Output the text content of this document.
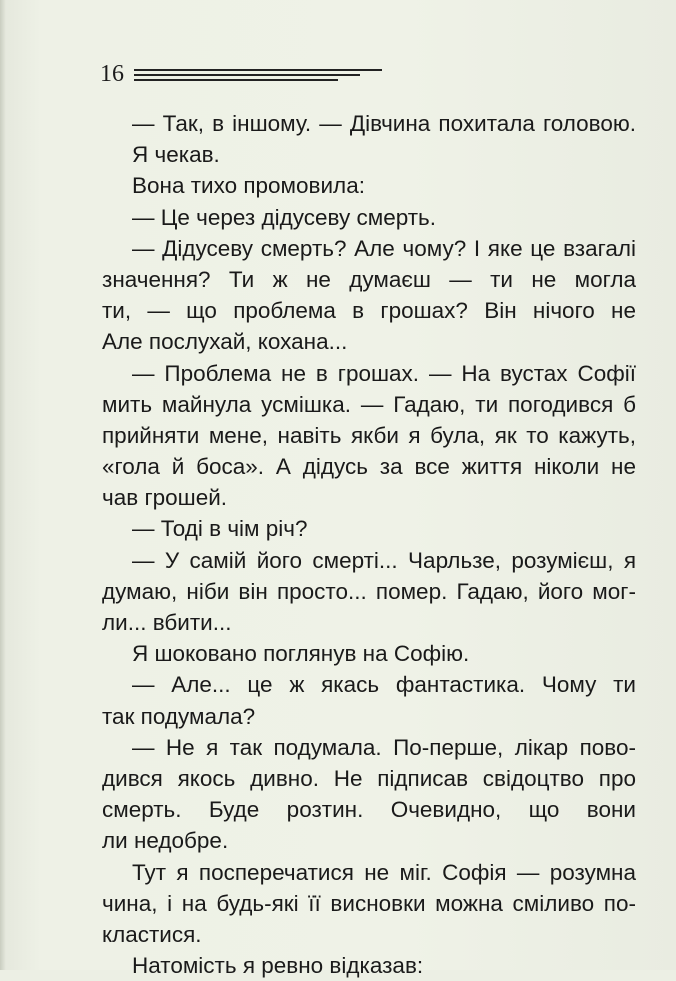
16
— Так, в іншому. — Дівчина похитала головою.
Я чекав.
Вона тихо промовила:
— Це через дідусеву смерть.
— Дідусеву смерть? Але чому? І яке це взагалі
значення? Ти ж не думаєш — ти не могла
ти, — що проблема в грошах? Він нічого не
Але послухай, кохана...
— Проблема не в грошах. — На вустах Софії
мить майнула усмішка. — Гадаю, ти погодився б
прийняти мене, навіть якби я була, як то кажуть,
«гола й боса». А дідусь за все життя ніколи не
чав грошей.
— Тоді в чім річ?
— У самій його смерті... Чарльзе, розумієш, я
думаю, ніби він просто... помер. Гадаю, його мог-
ли... вбити...
Я шоковано поглянув на Софію.
— Але... це ж якась фантастика. Чому ти
так подумала?
— Не я так подумала. По-перше, лікар пово-
дився якось дивно. Не підписав свідоцтво про
смерть. Буде розтин. Очевидно, що вони
ли недобре.
Тут я посперечатися не міг. Софія — розумна
чина, і на будь-які її висновки можна сміливо по-
кластися.
Натомість я ревно відказав:
